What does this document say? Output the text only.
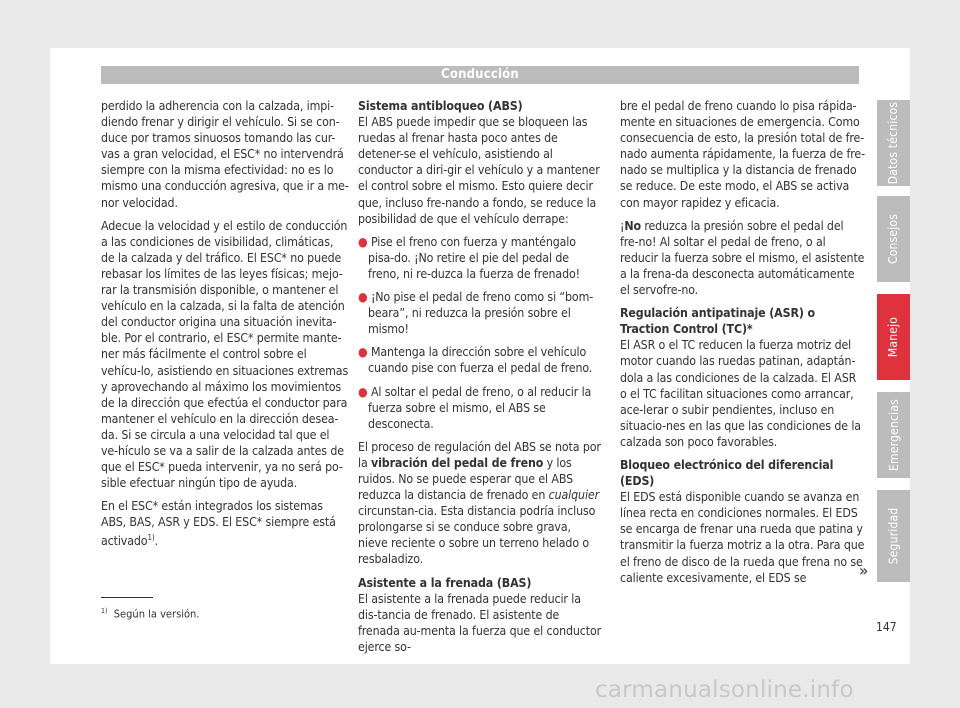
Conducción

perdido la adherencia con la calzada, impi-diendo frenar y dirigir el vehículo. Si se con-duce por tramos sinuosos tomando las cur-vas a gran velocidad, el ESC* no intervendrá siempre con la misma efectividad: no es lo mismo una conducción agresiva, que ir a me-nor velocidad.

Adecue la velocidad y el estilo de conducción a las condiciones de visibilidad, climáticas, de la calzada y del tráfico. El ESC* no puede rebasar los límites de las leyes físicas; mejo-rar la transmisión disponible, o mantener el vehículo en la calzada, si la falta de atención del conductor origina una situación inevita-ble. Por el contrario, el ESC* permite mante-ner más fácilmente el control sobre el vehícu-lo, asistiendo en situaciones extremas y aprovechando al máximo los movimientos de la dirección que efectúa el conductor para mantener el vehículo en la dirección desea-da. Si se circula a una velocidad tal que el ve-hículo se va a salir de la calzada antes de que el ESC* pueda intervenir, ya no será po-sible efectuar ningún tipo de ayuda.

En el ESC* están integrados los sistemas ABS, BAS, ASR y EDS. El ESC* siempre está activado$^{1)}$.

Sistema antibloqueo (ABS)

El ABS puede impedir que se bloqueen las ruedas al frenar hasta poco antes de detener-se el vehículo, asistiendo al conductor a diri-gir el vehículo y a mantener el control sobre el mismo. Esto quiere decir que, incluso fre-nando a fondo, se reduce la posibilidad de que el vehículo derrape:

● Pise el freno con fuerza y manténgalo pisa-do. ¡No retire el pie del pedal de freno, ni re-duzca la fuerza de frenado!

● ¡No pise el pedal de freno como si “bom-beara”, ni reduzca la presión sobre el mismo!

● Mantenga la dirección sobre el vehículo cuando pise con fuerza el pedal de freno.

● Al soltar el pedal de freno, o al reducir la fuerza sobre el mismo, el ABS se desconecta.

El proceso de regulación del ABS se nota por la vibración del pedal de freno y los ruidos. No se puede esperar que el ABS reduzca la distancia de frenado en cualquier circunstan-cia. Esta distancia podría incluso prolongarse si se conduce sobre grava, nieve reciente o sobre un terreno helado o resbaladizo.

Asistente a la frenada (BAS)

El asistente a la frenada puede reducir la dis-tancia de frenado. El asistente de frenada au-menta la fuerza que el conductor ejerce so-

bre el pedal de freno cuando lo pisa rápida-mente en situaciones de emergencia. Como consecuencia de esto, la presión total de fre-nado aumenta rápidamente, la fuerza de fre-nado se multiplica y la distancia de frenado se reduce. De este modo, el ABS se activa con mayor rapidez y eficacia.

¡No reduzca la presión sobre el pedal del fre-no! Al soltar el pedal de freno, o al reducir la fuerza sobre el mismo, el asistente a la frena-da desconecta automáticamente el servofre-no.

Regulación antipatinaje (ASR) o Traction Control (TC)*

El ASR o el TC reducen la fuerza motriz del motor cuando las ruedas patinan, adaptán-dola a las condiciones de la calzada. El ASR o el TC facilitan situaciones como arrancar, ace-lerar o subir pendientes, incluso en situacio-nes en las que las condiciones de la calzada son poco favorables.

Bloqueo electrónico del diferencial (EDS)

El EDS está disponible cuando se avanza en línea recta en condiciones normales. El EDS se encarga de frenar una rueda que patina y transmitir la fuerza motriz a la otra. Para que el freno de disco de la rueda que frena no se caliente excesivamente, el EDS se	»
Datos técnicos
Consejos
Manejo
Emergencias
Seguridad
$^{1)}$ Según la versión.
147
carmanualsonline.info
